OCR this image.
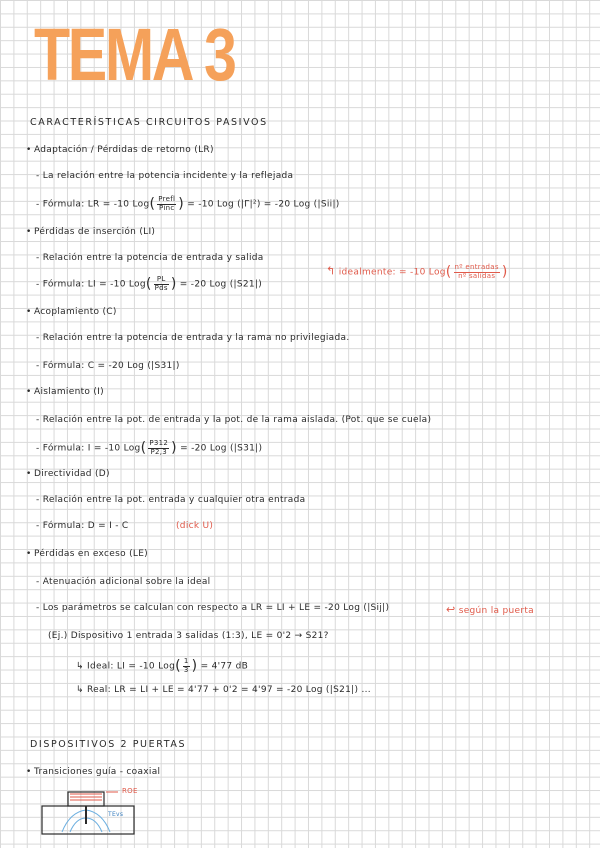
TEMA 3
CARACTERÍSTICAS CIRCUITOS PASIVOS
• Adaptación / Pérdidas de retorno (LR)
- La relación entre la potencia incidente y la reflejada
- Fórmula: LR = -10 $Log( \frac{\text{Prefl}}{\text{Pinc}}$ ) = -10 Log (|Γ|²) = -20 Log (|Sii|)
• Pérdidas de inserción (LI)
- Relación entre la potencia de entrada y salida
- Fórmula: LI = -10 $Log( \frac{PL}{\text{Pds}}$ ) = -20 Log (|S21|)
↰ idealmente: = -10 $Log( \frac{\text{nº entradas}}{\text{nº salidas}}$ )
• Acoplamiento (C)
- Relación entre la potencia de entrada y la rama no privilegiada.
- Fórmula: C = -20 Log (|S31|)
• Aislamiento (I)
- Relación entre la pot. de entrada y la pot. de la rama aislada. (Pot. que se cuela)
- Fórmula: I = -10 $Log( \frac{P312}{P2,3}$ ) = -20 Log (|S31|)
• Directividad (D)
- Relación entre la pot. entrada y cualquier otra entrada
- Fórmula: D = I - C	(dick U)
• Pérdidas en exceso (LE)
- Atenuación adicional sobre la ideal
- Los parámetros se calculan con respecto a LR = LI + LE = -20 Log (|Sij|)	↩ según la puerta
(Ej.) Dispositivo 1 entrada 3 salidas (1:3), LE = 0'2 → S21?
↳ Ideal: LI = -10 $Log( \frac{1}{3}$ ) = 4'77 dB
↳ Real: LR = LI + LE = 4'77 + 0'2 = 4'97 = -20 Log (|S21|) ...
DISPOSITIVOS 2 PUERTAS
• Transiciones guía - coaxial
ROE
TEvs
